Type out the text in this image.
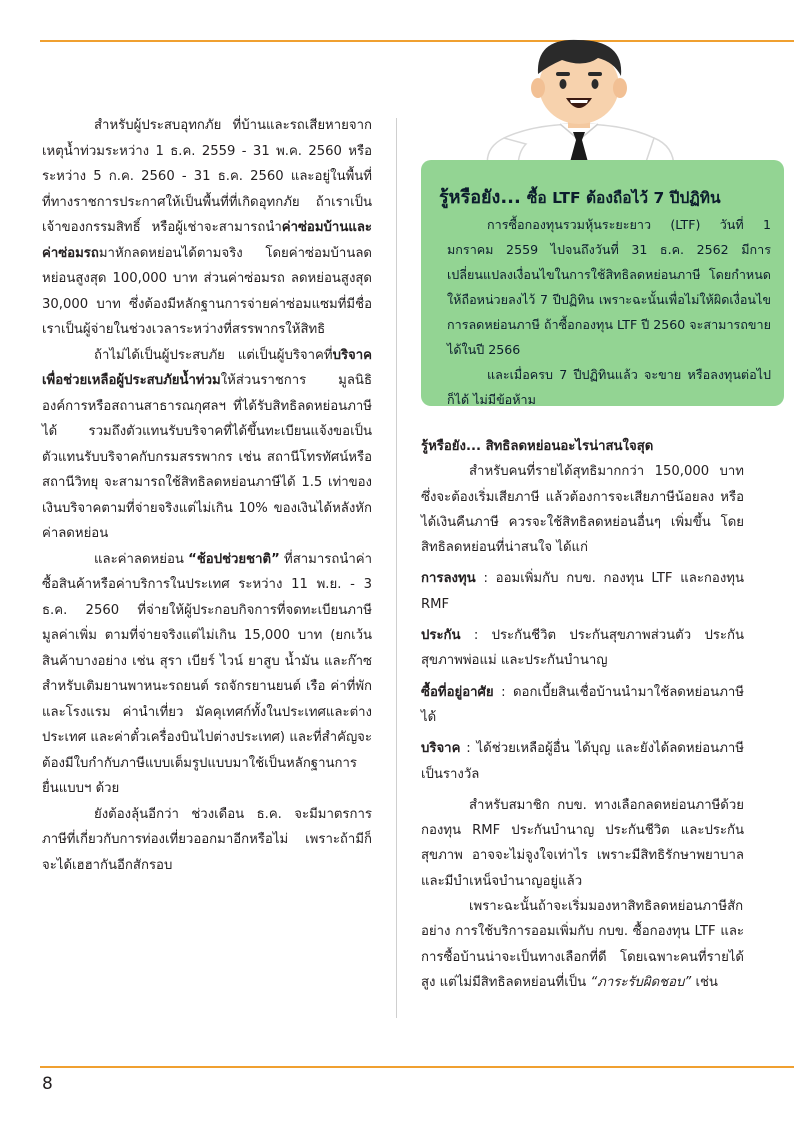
สำหรับผู้ประสบอุทกภัย ที่บ้านและรถเสียหายจากเหตุน้ำท่วมระหว่าง 1 ธ.ค. 2559 - 31 พ.ค. 2560 หรือระหว่าง 5 ก.ค. 2560 - 31 ธ.ค. 2560 และอยู่ในพื้นที่ที่ทางราชการประกาศให้เป็นพื้นที่ที่เกิดอุทกภัย ถ้าเราเป็นเจ้าของกรรมสิทธิ์ หรือผู้เช่าจะสามารถนำค่าซ่อมบ้านและค่าซ่อมรถมาหักลดหย่อนได้ตามจริง โดยค่าซ่อมบ้านลดหย่อนสูงสุด 100,000 บาท ส่วนค่าซ่อมรถ ลดหย่อนสูงสุด 30,000 บาท ซึ่งต้องมีหลักฐานการจ่ายค่าซ่อมแซมที่มีชื่อเราเป็นผู้จ่ายในช่วงเวลาระหว่างที่สรรพากรให้สิทธิ

ถ้าไม่ได้เป็นผู้ประสบภัย แต่เป็นผู้บริจาคที่บริจาคเพื่อช่วยเหลือผู้ประสบภัยน้ำท่วมให้ส่วนราชการ มูลนิธิ องค์การหรือสถานสาธารณกุศลฯ ที่ได้รับสิทธิลดหย่อนภาษีได้ รวมถึงตัวแทนรับบริจาคที่ได้ขึ้นทะเบียนแจ้งขอเป็นตัวแทนรับบริจาคกับกรมสรรพากร เช่น สถานีโทรทัศน์หรือสถานีวิทยุ จะสามารถใช้สิทธิลดหย่อนภาษีได้ 1.5 เท่าของเงินบริจาคตามที่จ่ายจริงแต่ไม่เกิน 10% ของเงินได้หลังหักค่าลดหย่อน

และค่าลดหย่อน “ช้อปช่วยชาติ” ที่สามารถนำค่าซื้อสินค้าหรือค่าบริการในประเทศ ระหว่าง 11 พ.ย. - 3 ธ.ค. 2560 ที่จ่ายให้ผู้ประกอบกิจการที่จดทะเบียนภาษีมูลค่าเพิ่ม ตามที่จ่ายจริงแต่ไม่เกิน 15,000 บาท (ยกเว้นสินค้าบางอย่าง เช่น สุรา เบียร์ ไวน์ ยาสูบ น้ำมัน และก๊าซสำหรับเติมยานพาหนะรถยนต์ รถจักรยานยนต์ เรือ ค่าที่พักและโรงแรม ค่านำเที่ยว มัคคุเทศก์ทั้งในประเทศและต่างประเทศ และค่าตั๋วเครื่องบินไปต่างประเทศ) และที่สำคัญจะต้องมีใบกำกับภาษีแบบเต็มรูปแบบมาใช้เป็นหลักฐานการยื่นแบบฯ ด้วย

ยังต้องลุ้นอีกว่า ช่วงเดือน ธ.ค. จะมีมาตรการภาษีที่เกี่ยวกับการท่องเที่ยวออกมาอีกหรือไม่ เพราะถ้ามีก็จะได้เฮฮากันอีกสักรอบ

รู้หรือยัง... ซื้อ LTF ต้องถือไว้ 7 ปีปฏิทิน

การซื้อกองทุนรวมหุ้นระยะยาว (LTF) วันที่ 1 มกราคม 2559 ไปจนถึงวันที่ 31 ธ.ค. 2562 มีการเปลี่ยนแปลงเงื่อนไขในการใช้สิทธิลดหย่อนภาษี โดยกำหนดให้ถือหน่วยลงไว้ 7 ปีปฏิทิน เพราะฉะนั้นเพื่อไม่ให้ผิดเงื่อนไขการลดหย่อนภาษี ถ้าซื้อกองทุน LTF ปี 2560 จะสามารถขายได้ในปี 2566

และเมื่อครบ 7 ปีปฏิทินแล้ว จะขาย หรือลงทุนต่อไปก็ได้ ไม่มีข้อห้าม

รู้หรือยัง... สิทธิลดหย่อนอะไรน่าสนใจสุด

สำหรับคนที่รายได้สุทธิมากกว่า 150,000 บาท ซึ่งจะต้องเริ่มเสียภาษี แล้วต้องการจะเสียภาษีน้อยลง หรือได้เงินคืนภาษี ควรจะใช้สิทธิลดหย่อนอื่นๆ เพิ่มขึ้น โดยสิทธิลดหย่อนที่น่าสนใจ ได้แก่

การลงทุน : ออมเพิ่มกับ กบข. กองทุน LTF และกองทุน RMF

ประกัน : ประกันชีวิต ประกันสุขภาพส่วนตัว ประกันสุขภาพพ่อแม่ และประกันบำนาญ

ซื้อที่อยู่อาศัย : ดอกเบี้ยสินเชื่อบ้านนำมาใช้ลดหย่อนภาษีได้

บริจาค : ได้ช่วยเหลือผู้อื่น ได้บุญ และยังได้ลดหย่อนภาษีเป็นรางวัล

สำหรับสมาชิก กบข. ทางเลือกลดหย่อนภาษีด้วยกองทุน RMF ประกันบำนาญ ประกันชีวิต และประกันสุขภาพ อาจจะไม่จูงใจเท่าไร เพราะมีสิทธิรักษาพยาบาลและมีบำเหน็จบำนาญอยู่แล้ว

เพราะฉะนั้นถ้าจะเริ่มมองหาสิทธิลดหย่อนภาษีสักอย่าง การใช้บริการออมเพิ่มกับ กบข. ซื้อกองทุน LTF และการซื้อบ้านน่าจะเป็นทางเลือกที่ดี โดยเฉพาะคนที่รายได้สูง แต่ไม่มีสิทธิลดหย่อนที่เป็น “ภาระรับผิดชอบ” เช่น

8
